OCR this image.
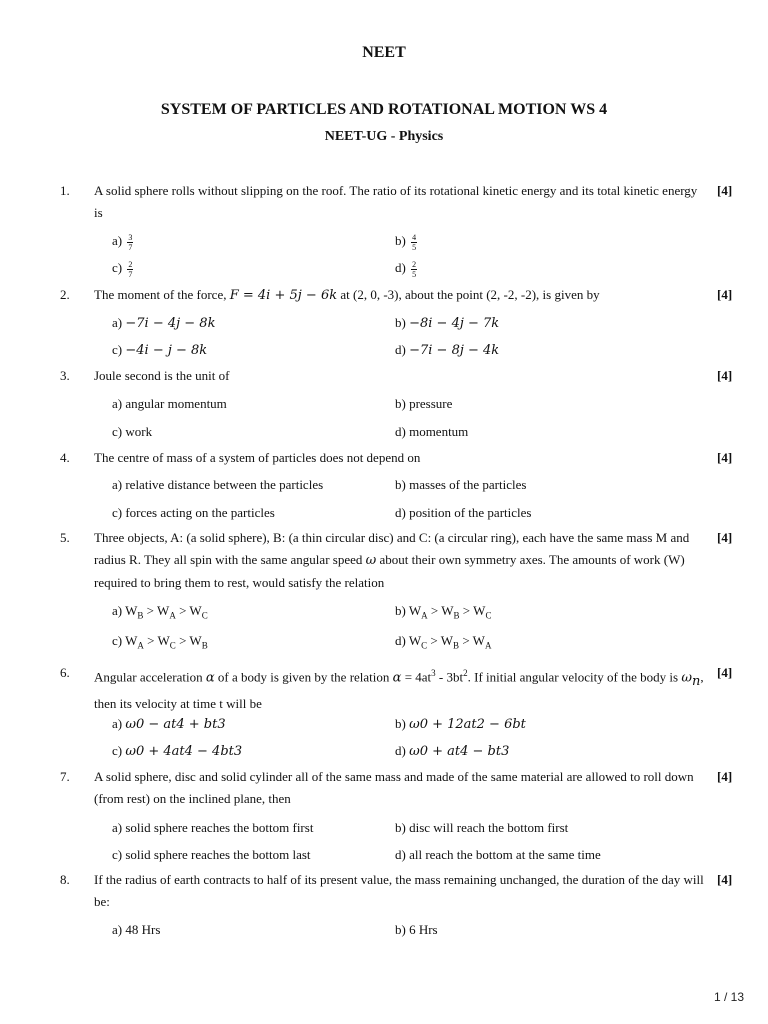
NEET
SYSTEM OF PARTICLES AND ROTATIONAL MOTION WS 4
NEET-UG - Physics
1.	A solid sphere rolls without slipping on the roof. The ratio of its rotational kinetic energy and its total kinetic energy is
[4]
$a) \frac{3}{7}$	$b) \frac{4}{5}$
$c) \frac{2}{7}$	$d) \frac{2}{5}$
2.	The moment of the force, F = 4i + 5j − 6k at (2, 0, -3), about the point (2, -2, -2), is given by	[4]
a) −7i − 4j − 8k	b) −8i − 4j − 7k
c) −4i − j − 8k	d) −7i − 8j − 4k
3.	Joule second is the unit of	[4]
a) angular momentum	b) pressure
c) work	d) momentum
4.	The centre of mass of a system of particles does not depend on	[4]
a) relative distance between the particles	b) masses of the particles
c) forces acting on the particles	d) position of the particles
5.	Three objects, A: (a solid sphere), B: (a thin circular disc) and C: (a circular ring), each have the same mass M and radius R. They all spin with the same angular speed ω about their own symmetry axes. The amounts of work (W) required to bring them to rest, would satisfy the relation
[4]
a) $W_B > W_A > W_C$	b) $W_A > W_B > W_C$
c) $W_A > W_C > W_B$	d) $W_C > W_B > W_A$
6.	Angular acceleration α of a body is given by the relation $\alpha = 4at^3 - 3bt^2$. If initial angular velocity of the body is $\omega_n$, then its velocity at time t will be
[4]
a) ω0 − at4 + bt3	b) ω0 + 12at2 − 6bt
c) ω0 + 4at4 − 4bt3	d) ω0 + at4 − bt3
7.	A solid sphere, disc and solid cylinder all of the same mass and made of the same material are allowed to roll down (from rest) on the inclined plane, then
[4]
a) solid sphere reaches the bottom first	b) disc will reach the bottom first
c) solid sphere reaches the bottom last	d) all reach the bottom at the same time
8.	If the radius of earth contracts to half of its present value, the mass remaining unchanged, the duration of the day will be:
[4]
a) 48 Hrs	b) 6 Hrs
1 / 13
